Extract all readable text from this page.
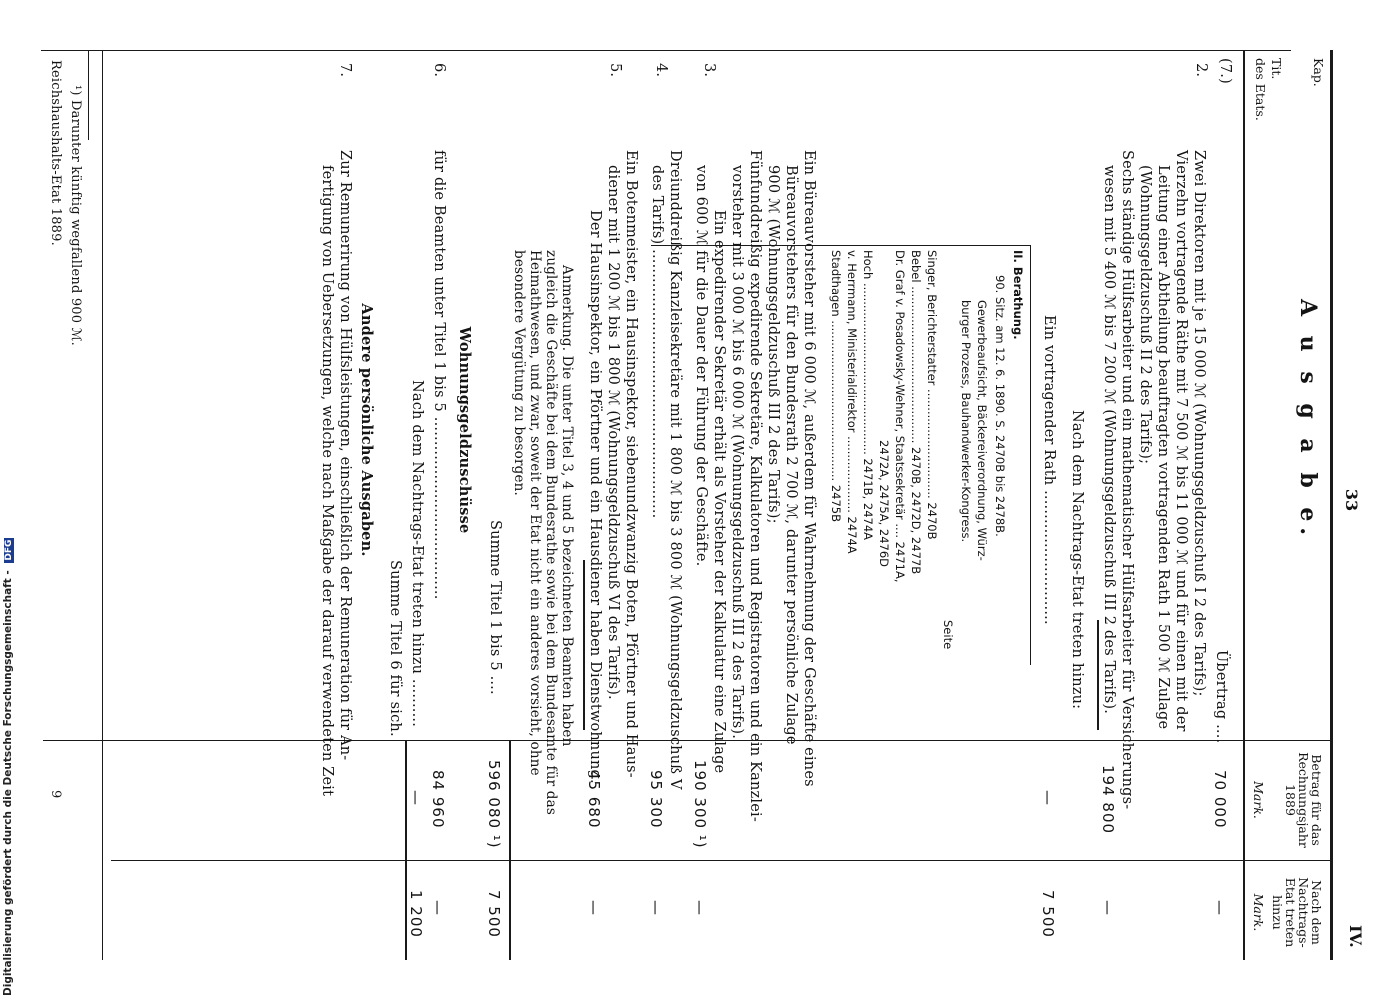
33
IV.
Kap.
Tit.
des Etats.
A u s g a b e.
Betrag für das Rechnungsjahr 1889
Mark.
Nach dem Nachtrags-Etat treten hinzu
Mark.
(7.)
2.
Übertrag ....
70 000
—
Zwei Direktoren mit je 15 000 ℳ (Wohnungsgeldzuschuß I 2 des Tarifs);
Vierzehn vortragende Räthe mit 7 500 ℳ bis 11 000 ℳ und für einen mit der
Leitung einer Abtheilung beauftragten vortragenden Rath 1 500 ℳ Zulage
(Wohnungsgeldzuschuß II 2 des Tarifs);
Sechs ständige Hülfsarbeiter und ein mathematischer Hülfsarbeiter für Versicherungs-
wesen mit 5 400 ℳ bis 7 200 ℳ (Wohnungsgeldzuschuß III 2 des Tarifs).
194 800
—
Nach dem Nachtrags-Etat treten hinzu:
Ein vortragender Rath ............................
—
7 500
II. Berathung.
90. Sitz. am 12. 6. 1890. S. 2470B bis 2478B.
Gewerbeaufsicht, Bäckereiverordnung, Würz-
burger Prozess, Bauhandwerker-Kongress.
Seite
Singer, Berichterstatter .............................. 2470B
Bebel ........................................... 2470B, 2472D, 2477B
Dr. Graf v. Posadowsky-Wehner, Staatssekretär .... 2471A,
2472A, 2475A, 2476D
Hoch ............................................... 2471B, 2474A
v. Herrmann, Ministerialdirektor ..................... 2474A
Stadthagen ............................................ 2475B
3.
Ein Büreauvorsteher mit 6 000 ℳ, außerdem für Wahrnehmung der Geschäfte eines
Büreauvorstehers für den Bundesrath 2 700 ℳ, darunter persönliche Zulage
900 ℳ (Wohnungsgeldzuschuß III 2 des Tarifs);
Fünfunddreißig expedirende Sekretäre, Kalkulatoren und Registratoren und ein Kanzlei-
vorsteher mit 3 000 ℳ bis 6 000 ℳ (Wohnungsgeldzuschuß III 2 des Tarifs).
Ein expedirender Sekretär erhält als Vorsteher der Kalkulatur eine Zulage
von 600 ℳ für die Dauer der Führung der Geschäfte.
190 300 ¹)
—
4.
Dreiunddreißig Kanzleisekretäre mit 1 800 ℳ bis 3 800 ℳ (Wohnungsgeldzuschuß V
des Tarifs) ........................................................
95 300
—
5.
Ein Botenmeister, ein Hausinspektor, siebenundzwanzig Boten, Pförtner und Haus-
diener mit 1 200 ℳ bis 1 800 ℳ (Wohnungsgeldzuschuß VI des Tarifs).
Der Hausinspektor, ein Pförtner und ein Hausdiener haben Dienstwohnung.
45 680
—
Anmerkung. Die unter Titel 3, 4 und 5 bezeichneten Beamten haben
zugleich die Geschäfte bei dem Bundesrathe sowie bei dem Bundesamte für das
Heimathwesen, und zwar, soweit der Etat nicht ein anderes vorsieht, ohne
besondere Vergütung zu besorgen.
Summe Titel 1 bis 5 ....
596 080 ¹)
7 500
Wohnungsgeldzuschüsse
6.
für die Beamten unter Titel 1 bis 5 ......................................
84 960
—
Nach dem Nachtrags-Etat treten hinzu ..........
—
1 200
Summe Titel 6 für sich.
Andere persönliche Ausgaben.
7.
Zur Remunerirung von Hülfsleistungen, einschließlich der Remuneration für An-
fertigung von Uebersetzungen, welche nach Maßgabe der darauf verwendeten Zeit
¹) Darunter künftig wegfallend 900 ℳ.
Reichshaushalts-Etat 1889.
9
Digitalisierung gefördert durch die Deutsche Forschungsgemeinschaft - DFG
